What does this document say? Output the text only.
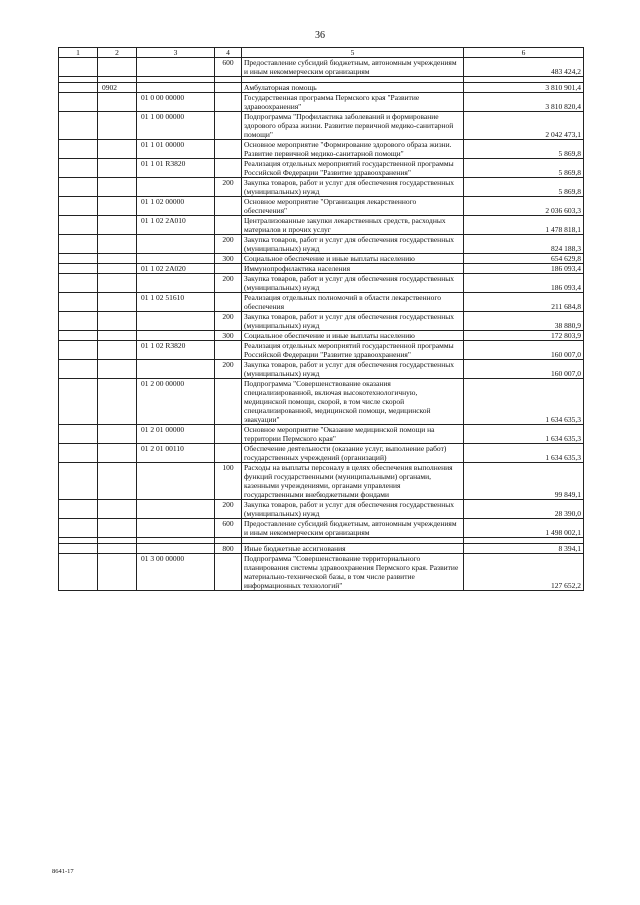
36
1	2	3	4	5	6
			600	Предоставление субсидий бюджетным, автономным учреждениям и иным некоммерческим организациям	483 424,2

	0902			Амбулаторная помощь	3 810 901,4
		01 0 00 00000		Государственная программа Пермского края "Развитие здравоохранения"	3 810 820,4
		01 1 00 00000		Подпрограмма "Профилактика заболеваний и формирование здорового образа жизни. Развитие первичной медико-санитарной помощи"	2 042 473,1
		01 1 01 00000		Основное мероприятие "Формирование здорового образа жизни. Развитие первичной медико-санитарной помощи"	5 869,8
		01 1 01 R3820		Реализация отдельных мероприятий государственной программы Российской Федерации "Развитие здравоохранения"	5 869,8
			200	Закупка товаров, работ и услуг для обеспечения государственных (муниципальных) нужд	5 869,8
		01 1 02 00000		Основное мероприятие "Организация лекарственного обеспечения"	2 036 603,3
		01 1 02 2A010		Централизованные закупки лекарственных средств, расходных материалов и прочих услуг	1 478 818,1
			200	Закупка товаров, работ и услуг для обеспечения государственных (муниципальных) нужд	824 188,3
			300	Социальное обеспечение и иные выплаты населению	654 629,8
		01 1 02 2A020		Иммунопрофилактика населения	186 093,4
			200	Закупка товаров, работ и услуг для обеспечения государственных (муниципальных) нужд	186 093,4
		01 1 02 51610		Реализация отдельных полномочий в области лекарственного обеспечения	211 684,8
			200	Закупка товаров, работ и услуг для обеспечения государственных (муниципальных) нужд	38 880,9
			300	Социальное обеспечение и иные выплаты населению	172 803,9
		01 1 02 R3820		Реализация отдельных мероприятий государственной программы Российской Федерации "Развитие здравоохранения"	160 007,0
			200	Закупка товаров, работ и услуг для обеспечения государственных (муниципальных) нужд	160 007,0
		01 2 00 00000		Подпрограмма "Совершенствование оказания специализированной, включая высокотехнологичную, медицинской помощи, скорой, в том числе скорой специализированной, медицинской помощи, медицинской эвакуации"	1 634 635,3
		01 2 01 00000		Основное мероприятие "Оказание медицинской помощи на территории Пермского края"	1 634 635,3
		01 2 01 00110		Обеспечение деятельности (оказание услуг, выполнение работ) государственных учреждений (организаций)	1 634 635,3
			100	Расходы на выплаты персоналу в целях обеспечения выполнения функций государственными (муниципальными) органами, казенными учреждениями, органами управления государственными внебюджетными фондами	99 849,1
			200	Закупка товаров, работ и услуг для обеспечения государственных (муниципальных) нужд	28 390,0
			600	Предоставление субсидий бюджетным, автономным учреждениям и иным некоммерческим организациям	1 498 002,1

			800	Иные бюджетные ассигнования	8 394,1
		01 3 00 00000		Подпрограмма "Совершенствование территориального планирования системы здравоохранения Пермского края. Развитие материально-технической базы, в том числе развитие информационных технологий"	127 652,2
8641-17
